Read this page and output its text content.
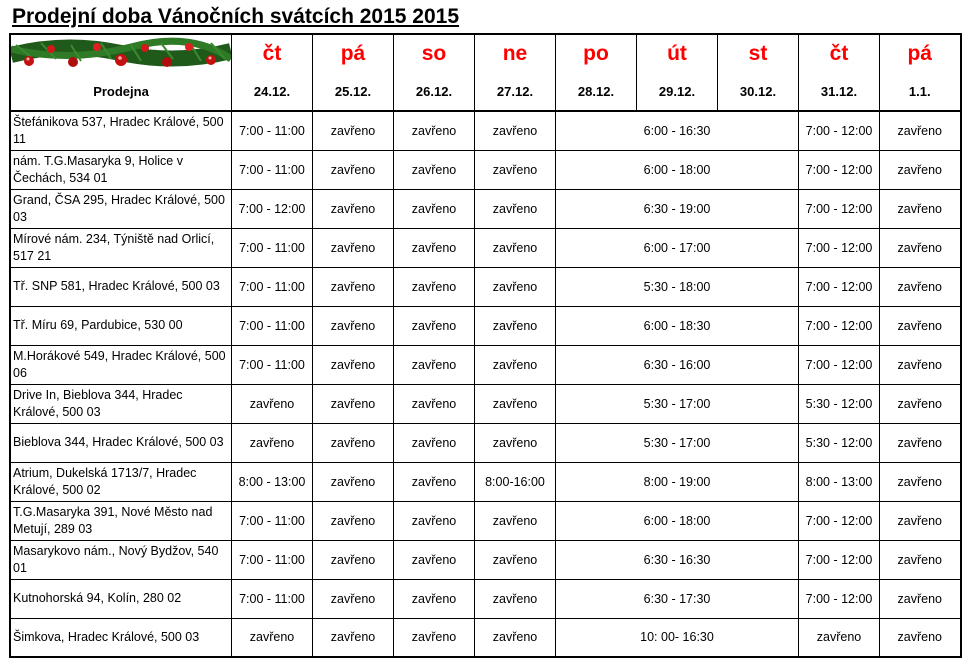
Prodejní doba Vánočních svátcích 2015 2015
	čt	pá	so	ne	po	út	st	čt	pá
Prodejna	24.12.	25.12.	26.12.	27.12.	28.12.	29.12.	30.12.	31.12.	1.1.
Štefánikova 537, Hradec Králové, 500 11	7:00 - 11:00	zavřeno	zavřeno	zavřeno	6:00 - 16:30			7:00 - 12:00	zavřeno
nám. T.G.Masaryka 9, Holice v Čechách, 534 01	7:00 - 11:00	zavřeno	zavřeno	zavřeno	6:00 - 18:00			7:00 - 12:00	zavřeno
Grand, ČSA 295, Hradec Králové, 500 03	7:00 - 12:00	zavřeno	zavřeno	zavřeno	6:30 - 19:00			7:00 - 12:00	zavřeno
Mírové nám. 234, Týniště nad Orlicí, 517 21	7:00 - 11:00	zavřeno	zavřeno	zavřeno	6:00 - 17:00			7:00 - 12:00	zavřeno
Tř. SNP 581, Hradec Králové, 500 03	7:00 - 11:00	zavřeno	zavřeno	zavřeno	5:30 - 18:00			7:00 - 12:00	zavřeno
Tř. Míru 69, Pardubice, 530 00	7:00 - 11:00	zavřeno	zavřeno	zavřeno	6:00 - 18:30			7:00 - 12:00	zavřeno
M.Horákové 549, Hradec Králové, 500 06	7:00 - 11:00	zavřeno	zavřeno	zavřeno	6:30 - 16:00			7:00 - 12:00	zavřeno
Drive In, Bieblova 344, Hradec Králové, 500 03	zavřeno	zavřeno	zavřeno	zavřeno	5:30 - 17:00			5:30 - 12:00	zavřeno
Bieblova 344, Hradec Králové, 500 03	zavřeno	zavřeno	zavřeno	zavřeno	5:30 - 17:00			5:30 - 12:00	zavřeno
Atrium, Dukelská 1713/7, Hradec Králové, 500 02	8:00 - 13:00	zavřeno	zavřeno	8:00-16:00	8:00 - 19:00			8:00 - 13:00	zavřeno
T.G.Masaryka 391, Nové Město nad Metují, 289 03	7:00 - 11:00	zavřeno	zavřeno	zavřeno	6:00 - 18:00			7:00 - 12:00	zavřeno
Masarykovo nám., Nový Bydžov, 540 01	7:00 - 11:00	zavřeno	zavřeno	zavřeno	6:30 - 16:30			7:00 - 12:00	zavřeno
Kutnohorská 94, Kolín, 280 02	7:00 - 11:00	zavřeno	zavřeno	zavřeno	6:30 - 17:30			7:00 - 12:00	zavřeno
Šimkova, Hradec Králové, 500 03	zavřeno	zavřeno	zavřeno	zavřeno	10: 00- 16:30			zavřeno	zavřeno
